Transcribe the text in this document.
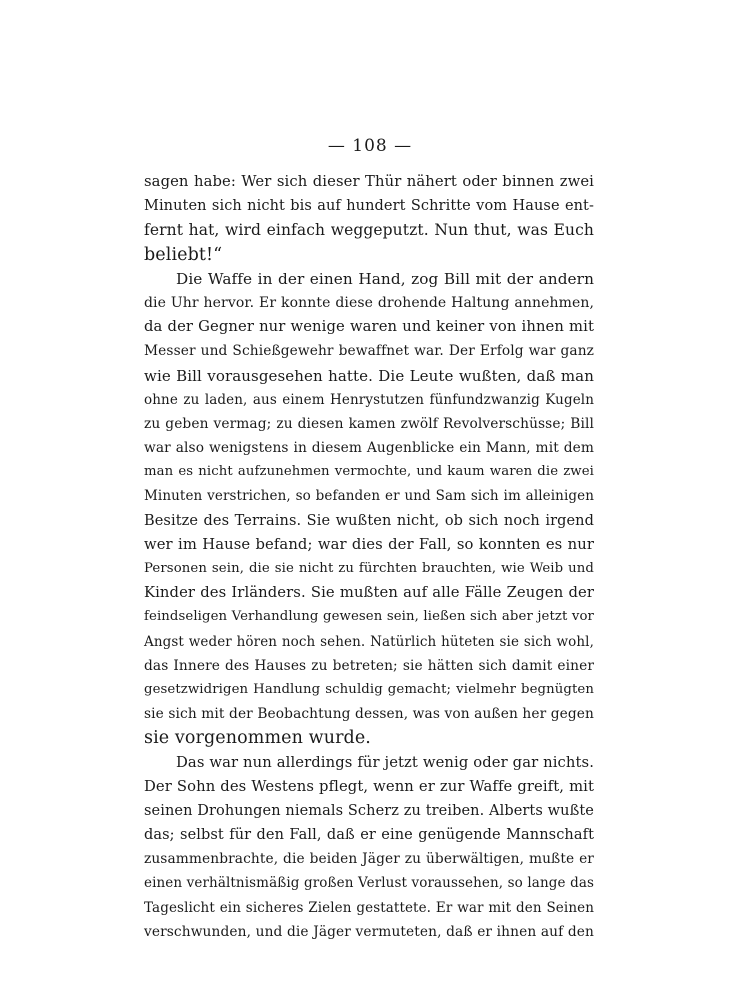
— 108 —
sagen habe: Wer sich dieser Thür nähert oder binnen zwei
Minuten sich nicht bis auf hundert Schritte vom Hause ent-
fernt hat, wird einfach weggeputzt. Nun thut, was Euch
beliebt!“
Die Waffe in der einen Hand, zog Bill mit der andern
die Uhr hervor. Er konnte diese drohende Haltung annehmen,
da der Gegner nur wenige waren und keiner von ihnen mit
Messer und Schießgewehr bewaffnet war. Der Erfolg war ganz
wie Bill vorausgesehen hatte. Die Leute wußten, daß man
ohne zu laden, aus einem Henrystutzen fünfundzwanzig Kugeln
zu geben vermag; zu diesen kamen zwölf Revolverschüsse; Bill
war also wenigstens in diesem Augenblicke ein Mann, mit dem
man es nicht aufzunehmen vermochte, und kaum waren die zwei
Minuten verstrichen, so befanden er und Sam sich im alleinigen
Besitze des Terrains. Sie wußten nicht, ob sich noch irgend
wer im Hause befand; war dies der Fall, so konnten es nur
Personen sein, die sie nicht zu fürchten brauchten, wie Weib und
Kinder des Irländers. Sie mußten auf alle Fälle Zeugen der
feindseligen Verhandlung gewesen sein, ließen sich aber jetzt vor
Angst weder hören noch sehen. Natürlich hüteten sie sich wohl,
das Innere des Hauses zu betreten; sie hätten sich damit einer
gesetzwidrigen Handlung schuldig gemacht; vielmehr begnügten
sie sich mit der Beobachtung dessen, was von außen her gegen
sie vorgenommen wurde.
Das war nun allerdings für jetzt wenig oder gar nichts.
Der Sohn des Westens pflegt, wenn er zur Waffe greift, mit
seinen Drohungen niemals Scherz zu treiben. Alberts wußte
das; selbst für den Fall, daß er eine genügende Mannschaft
zusammenbrachte, die beiden Jäger zu überwältigen, mußte er
einen verhältnismäßig großen Verlust voraussehen, so lange das
Tageslicht ein sicheres Zielen gestattete. Er war mit den Seinen
verschwunden, und die Jäger vermuteten, daß er ihnen auf den
